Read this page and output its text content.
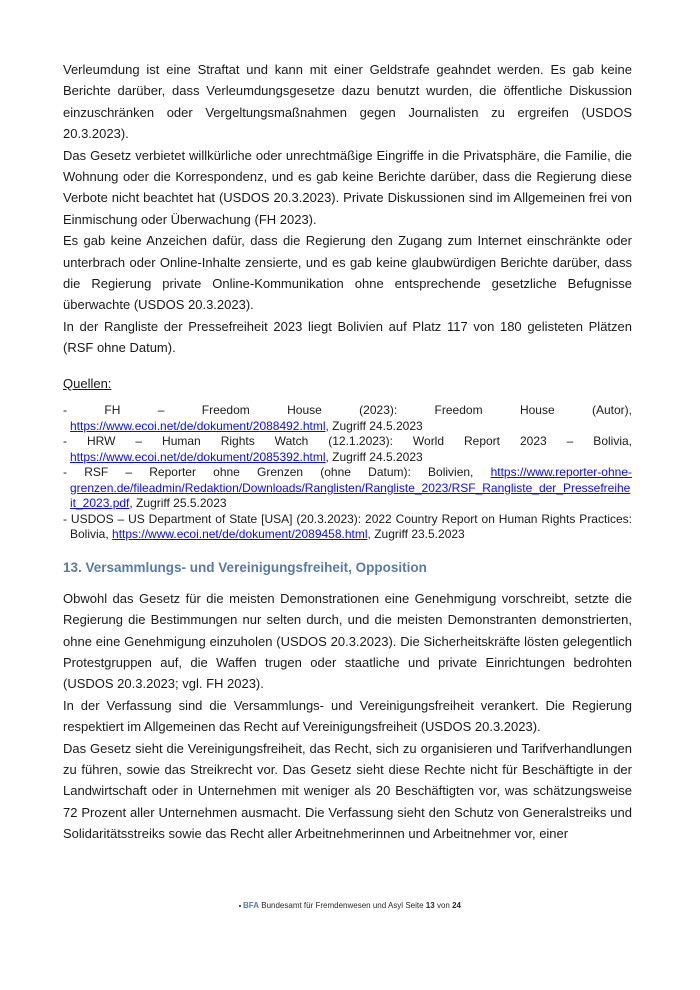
Verleumdung ist eine Straftat und kann mit einer Geldstrafe geahndet werden. Es gab keine Berichte darüber, dass Verleumdungsgesetze dazu benutzt wurden, die öffentliche Diskussion einzuschränken oder Vergeltungsmaßnahmen gegen Journalisten zu ergreifen (USDOS 20.3.2023).

Das Gesetz verbietet willkürliche oder unrechtmäßige Eingriffe in die Privatsphäre, die Familie, die Wohnung oder die Korrespondenz, und es gab keine Berichte darüber, dass die Regierung diese Verbote nicht beachtet hat (USDOS 20.3.2023). Private Diskussionen sind im Allgemeinen frei von Einmischung oder Überwachung (FH 2023).

Es gab keine Anzeichen dafür, dass die Regierung den Zugang zum Internet einschränkte oder unterbrach oder Online-Inhalte zensierte, und es gab keine glaubwürdigen Berichte darüber, dass die Regierung private Online-Kommunikation ohne entsprechende gesetzliche Befugnisse überwachte (USDOS 20.3.2023).

In der Rangliste der Pressefreiheit 2023 liegt Bolivien auf Platz 117 von 180 gelisteten Plätzen (RSF ohne Datum).

Quellen:

- FH – Freedom House (2023): Freedom House (Autor),
https://www.ecoi.net/de/dokument/2088492.html, Zugriff 24.5.2023
- HRW – Human Rights Watch (12.1.2023): World Report 2023 – Bolivia, https://www.ecoi.net/de/dokument/2085392.html, Zugriff 24.5.2023
- RSF – Reporter ohne Grenzen (ohne Datum): Bolivien, https://www.reporter-ohne-grenzen.de/fileadmin/Redaktion/Downloads/Ranglisten/Rangliste_2023/RSF_Rangliste_der_Pressefreiheit_2023.pdf, Zugriff 25.5.2023
- USDOS – US Department of State [USA] (20.3.2023): 2022 Country Report on Human Rights Practices: Bolivia, https://www.ecoi.net/de/dokument/2089458.html, Zugriff 23.5.2023
13. Versammlungs- und Vereinigungsfreiheit, Opposition

Obwohl das Gesetz für die meisten Demonstrationen eine Genehmigung vorschreibt, setzte die Regierung die Bestimmungen nur selten durch, und die meisten Demonstranten demonstrierten, ohne eine Genehmigung einzuholen (USDOS 20.3.2023). Die Sicherheitskräfte lösten gelegentlich Protestgruppen auf, die Waffen trugen oder staatliche und private Einrichtungen bedrohten (USDOS 20.3.2023; vgl. FH 2023).

In der Verfassung sind die Versammlungs- und Vereinigungsfreiheit verankert. Die Regierung respektiert im Allgemeinen das Recht auf Vereinigungsfreiheit (USDOS 20.3.2023).

Das Gesetz sieht die Vereinigungsfreiheit, das Recht, sich zu organisieren und Tarifverhandlungen zu führen, sowie das Streikrecht vor. Das Gesetz sieht diese Rechte nicht für Beschäftigte in der Landwirtschaft oder in Unternehmen mit weniger als 20 Beschäftigten vor, was schätzungsweise 72 Prozent aller Unternehmen ausmacht. Die Verfassung sieht den Schutz von Generalstreiks und Solidaritätsstreiks sowie das Recht aller Arbeitnehmerinnen und Arbeitnehmer vor, einer

BFA Bundesamt für Fremdenwesen und Asyl Seite 13 von 24
